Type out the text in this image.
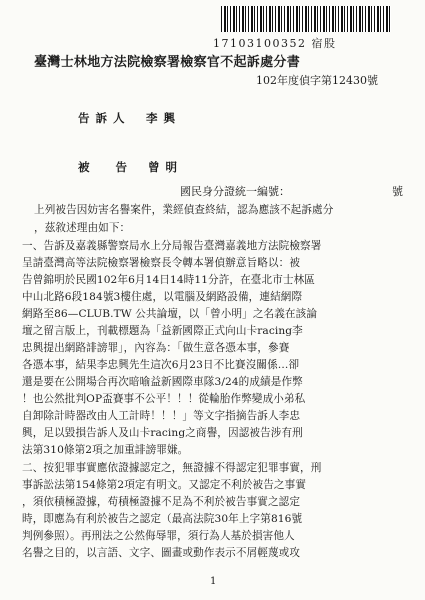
17103100352 宿股
臺灣士林地方法院檢察署檢察官不起訴處分書
102年度偵字第12430號
告訴人 李興
被告
曾明
國民身分證統一編號：	號
上列被告因妨害名譽案件，業經偵查終結，認為應該不起訴處分
，茲敘述理由如下：
一、告訴及嘉義縣警察局水上分局報告臺灣嘉義地方法院檢察署
呈請臺灣高等法院檢察署檢察長令轉本署偵辦意旨略以：被
告曾錦明於民國102年6月14日14時11分許，在臺北市士林區
中山北路6段184號3樓住處，以電腦及網路設備，連結網際
網路至86—CLUB.TW 公共論壇，以「曾小明」之名義在該論
壇之留言版上，刊載標題為「益新國際正式向山卡racing李
忠興提出網路誹謗罪」，內容為：「做生意各憑本事，參賽
各憑本事，結果李忠興先生這次6月23日不比賽沒關係…卻
還是要在公開場合再次暗喻益新國際車隊3/24的成績是作弊
！也公然批判OP盃賽事不公平！！！從輪胎作弊變成小弟私
自卸除計時器改由人工計時！！！」等文字指摘告訴人李忠
興，足以毀損告訴人及山卡racing之商譽，因認被告涉有刑
法第310條第2項之加重誹謗罪嫌。
二、按犯罪事實應依證據認定之，無證據不得認定犯罪事實，刑
事訴訟法第154條第2項定有明文。又認定不利於被告之事實
，須依積極證據，苟積極證據不足為不利於被告事實之認定
時，即應為有利於被告之認定（最高法院30年上字第816號
判例參照）。再刑法之公然侮辱罪，須行為人基於損害他人
名譽之目的，以言語、文字、圖畫或動作表示不屑輕蔑或攻
1
